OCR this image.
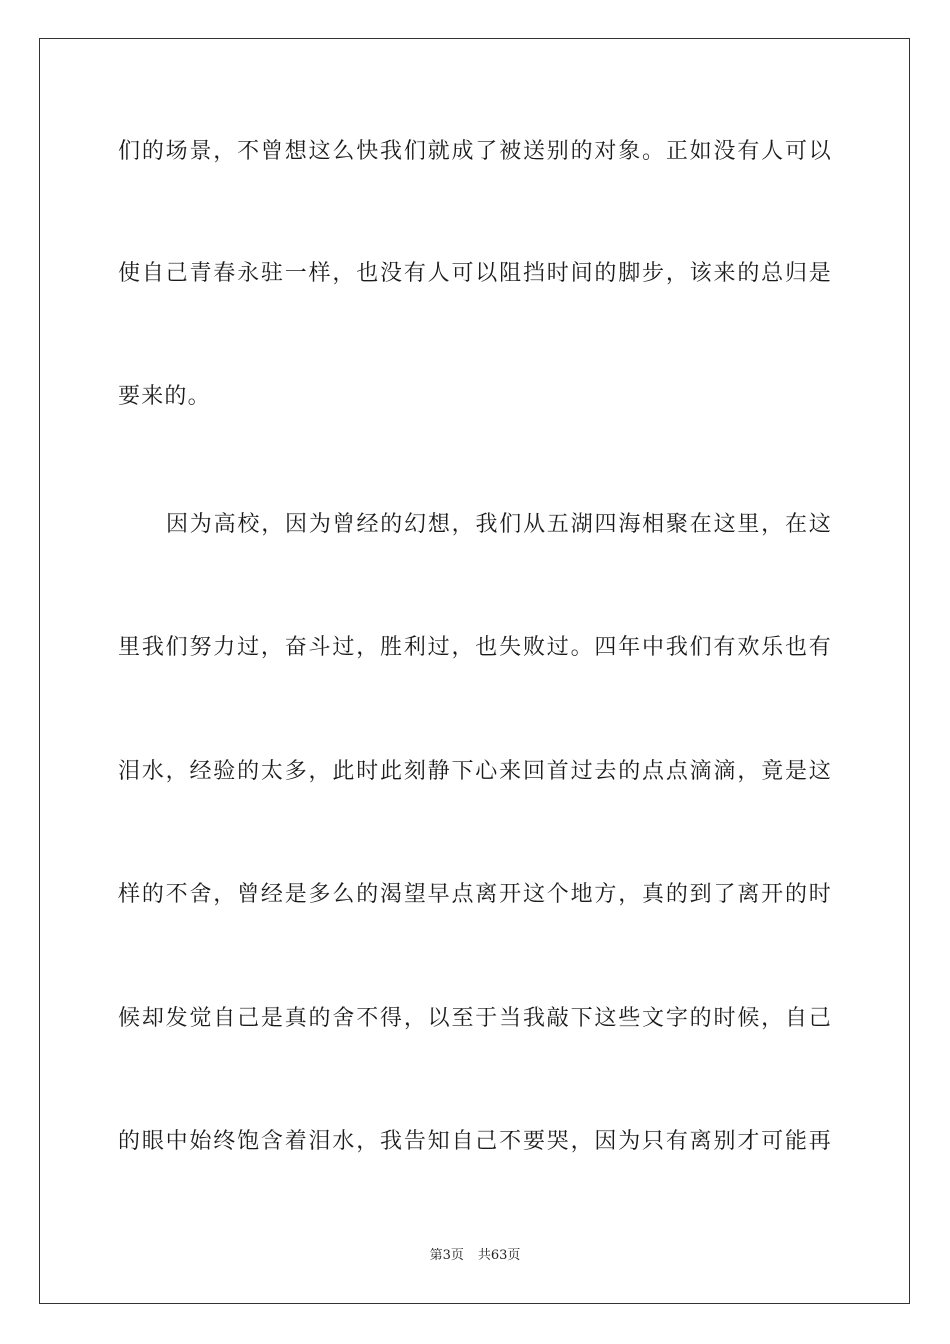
们的场景，不曾想这么快我们就成了被送别的对象。正如没有人可以
使自己青春永驻一样，也没有人可以阻挡时间的脚步，该来的总归是
要来的。
因为高校，因为曾经的幻想，我们从五湖四海相聚在这里，在这
里我们努力过，奋斗过，胜利过，也失败过。四年中我们有欢乐也有
泪水，经验的太多，此时此刻静下心来回首过去的点点滴滴，竟是这
样的不舍，曾经是多么的渴望早点离开这个地方，真的到了离开的时
候却发觉自己是真的舍不得，以至于当我敲下这些文字的时候，自己
的眼中始终饱含着泪水，我告知自己不要哭，因为只有离别才可能再
第3页 共63页
